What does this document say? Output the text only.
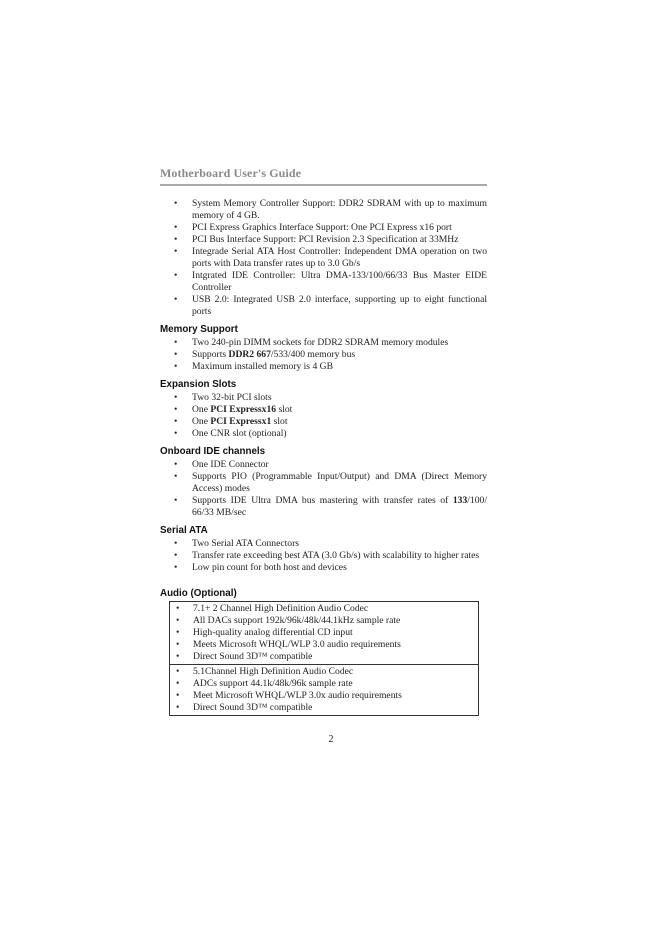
Motherboard User's Guide
• System Memory Controller Support: DDR2 SDRAM with up to maximum memory of 4 GB.
• PCI Express Graphics Interface Support: One PCI Express x16 port
• PCI Bus Interface Support: PCI Revision 2.3 Specification at 33MHz
• Integrade Serial ATA Host Controller: Independent DMA operation on two ports with Data transfer rates up to 3.0 Gb/s
• Intgrated IDE Controller: Ultra DMA-133/100/66/33 Bus Master EIDE Controller
• USB 2.0: Integrated USB 2.0 interface, supporting up to eight functional ports
Memory Support
• Two 240-pin DIMM sockets for DDR2 SDRAM memory modules
• Supports DDR2 667/533/400 memory bus
• Maximum installed memory is 4 GB
Expansion Slots
• Two 32-bit PCI slots
• One PCI Expressx16 slot
• One PCI Expressx1 slot
• One CNR slot (optional)
Onboard IDE channels
• One IDE Connector
• Supports PIO (Programmable Input/Output) and DMA (Direct Memory Access) modes
• Supports IDE Ultra DMA bus mastering with transfer rates of 133/100/ 66/33 MB/sec
Serial ATA
• Two Serial ATA Connectors
• Transfer rate exceeding best ATA (3.0 Gb/s) with scalability to higher rates
• Low pin count for both host and devices
Audio (Optional)
• 7.1+ 2 Channel High Definition Audio Codec
• All DACs support 192k/96k/48k/44.1kHz sample rate
• High-quality analog differential CD input
• Meets Microsoft WHQL/WLP 3.0 audio requirements
• Direct Sound 3D™ compatible
• 5.1Channel High Definition Audio Codec
• ADCs support 44.1k/48k/96k sample rate
• Meet Microsoft WHQL/WLP 3.0x audio requirements
• Direct Sound 3D™ compatible
2
